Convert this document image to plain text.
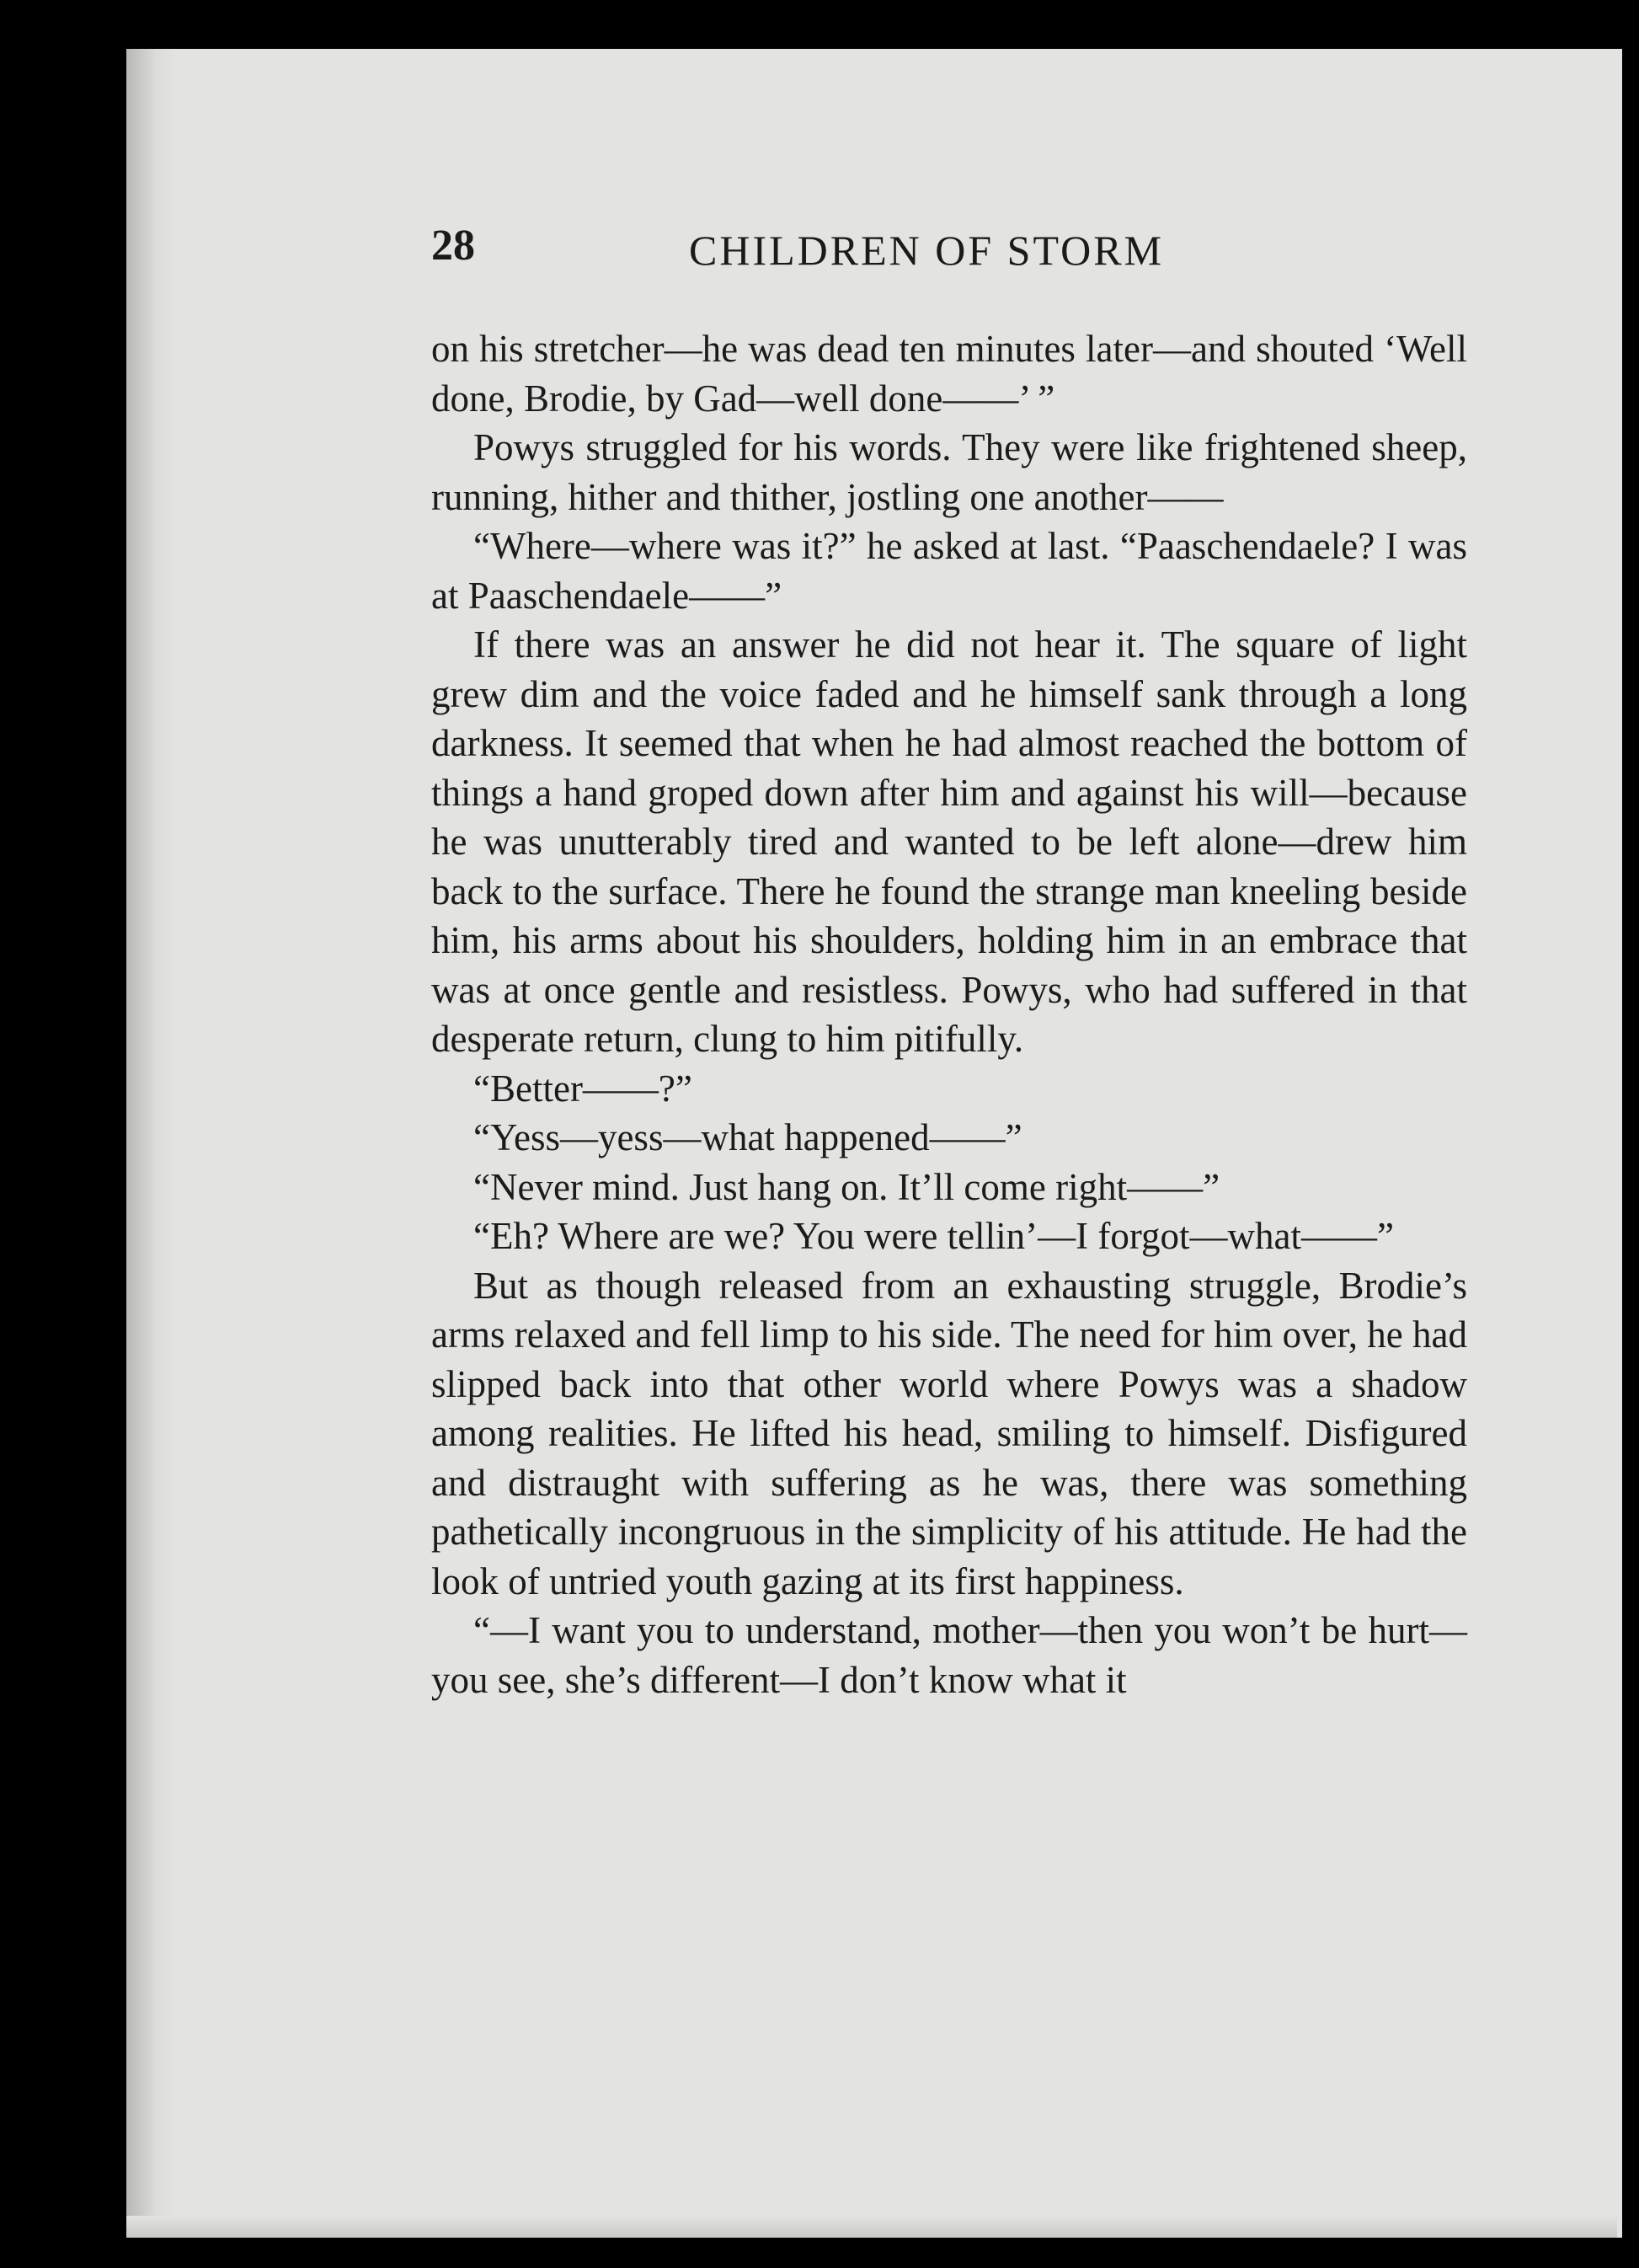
28	CHILDREN OF STORM

on his stretcher—he was dead ten minutes later—and shouted ‘Well done, Brodie, by Gad—well done——’ ”

Powys struggled for his words. They were like frightened sheep, running, hither and thither, jostling one another——

“Where—where was it?” he asked at last. “Paaschendaele? I was at Paaschendaele——”

If there was an answer he did not hear it. The square of light grew dim and the voice faded and he himself sank through a long darkness. It seemed that when he had almost reached the bottom of things a hand groped down after him and against his will—because he was unutterably tired and wanted to be left alone—drew him back to the surface. There he found the strange man kneeling beside him, his arms about his shoulders, holding him in an embrace that was at once gentle and resistless. Powys, who had suffered in that desperate return, clung to him pitifully.

“Better——?”

“Yess—yess—what happened——”

“Never mind. Just hang on. It’ll come right——”

“Eh? Where are we? You were tellin’—I forgot—what——”

But as though released from an exhausting struggle, Brodie’s arms relaxed and fell limp to his side. The need for him over, he had slipped back into that other world where Powys was a shadow among realities. He lifted his head, smiling to himself. Disfigured and distraught with suffering as he was, there was something pathetically incongruous in the simplicity of his attitude. He had the look of untried youth gazing at its first happiness.

“—I want you to understand, mother—then you won’t be hurt—you see, she’s different—I don’t know what it
